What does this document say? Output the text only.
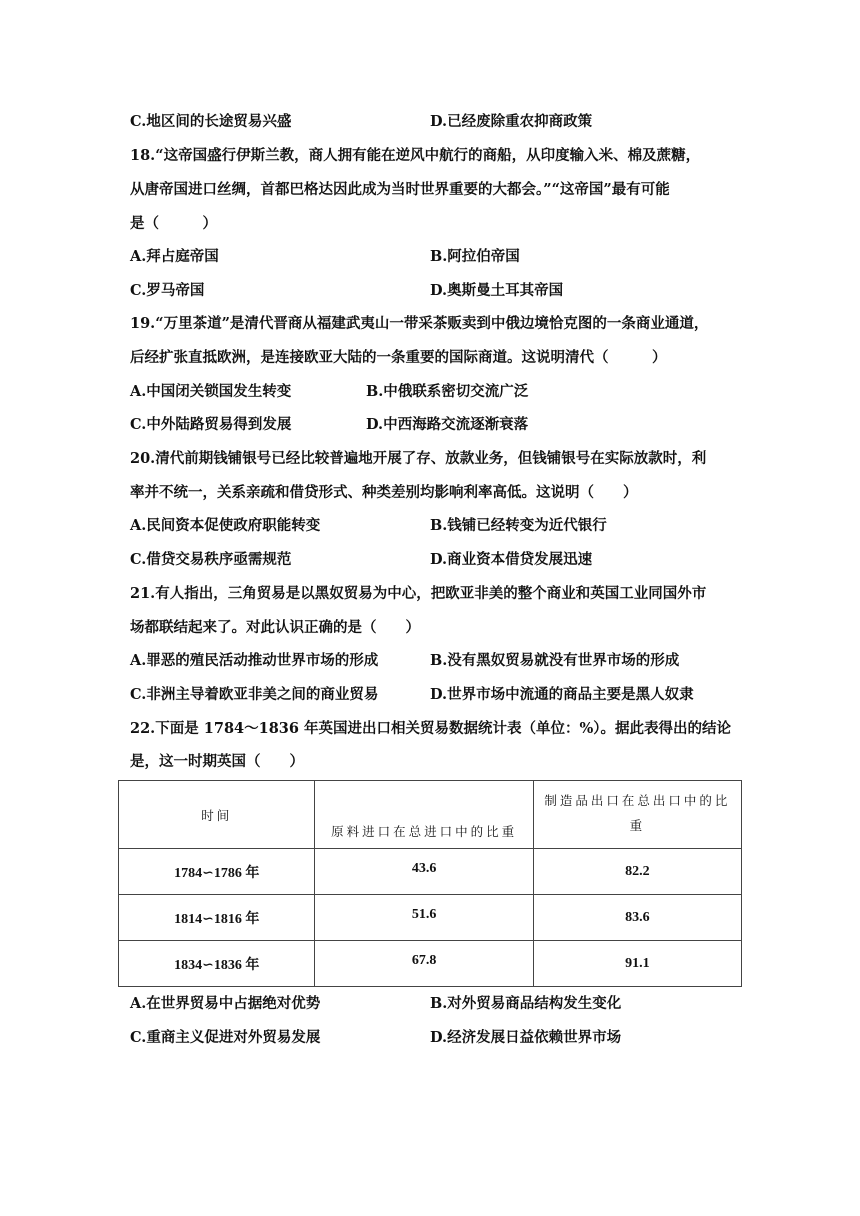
C.地区间的长途贸易兴盛	D.已经废除重农抑商政策
18.“这帝国盛行伊斯兰教，商人拥有能在逆风中航行的商船，从印度输入米、棉及蔗糖，
从唐帝国进口丝绸，首都巴格达因此成为当时世界重要的大都会。”“这帝国”最有可能
是（　　　）
A.拜占庭帝国	B.阿拉伯帝国
C.罗马帝国	D.奥斯曼土耳其帝国
19.“万里茶道”是清代晋商从福建武夷山一带采茶贩卖到中俄边境恰克图的一条商业通道，
后经扩张直抵欧洲，是连接欧亚大陆的一条重要的国际商道。这说明清代（　　　）
A.中国闭关锁国发生转变	B.中俄联系密切交流广泛
C.中外陆路贸易得到发展	D.中西海路交流逐渐衰落
20.清代前期钱铺银号已经比较普遍地开展了存、放款业务，但钱铺银号在实际放款时，利
率并不统一，关系亲疏和借贷形式、种类差别均影响利率高低。这说明（　　）
A.民间资本促使政府职能转变	B.钱铺已经转变为近代银行
C.借贷交易秩序亟需规范	D.商业资本借贷发展迅速
21.有人指出，三角贸易是以黑奴贸易为中心，把欧亚非美的整个商业和英国工业同国外市
场都联结起来了。对此认识正确的是（　　）
A.罪恶的殖民活动推动世界市场的形成	B.没有黑奴贸易就没有世界市场的形成
C.非洲主导着欧亚非美之间的商业贸易	D.世界市场中流通的商品主要是黑人奴隶
22.下面是 1784～1836 年英国进出口相关贸易数据统计表（单位：%）。据此表得出的结论
是，这一时期英国（　　）
时间	原料进口在总进口中的比重	制造品出口在总出口中的比
重

1784∽1786 年	43.6	82.2
1814∽1816 年	51.6	83.6
1834∽1836 年	67.8	91.1
A.在世界贸易中占据绝对优势	B.对外贸易商品结构发生变化
C.重商主义促进对外贸易发展	D.经济发展日益依赖世界市场
